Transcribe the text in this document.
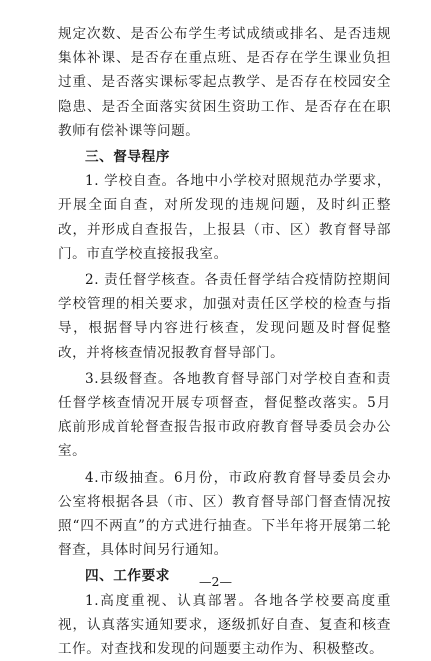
规定次数、是否公布学生考试成绩或排名、是否违规集体补课、是否存在重点班、是否存在学生课业负担过重、是否落实课标零起点教学、是否存在校园安全隐患、是否全面落实贫困生资助工作、是否存在在职教师有偿补课等问题。

三、督导程序

1. 学校自查。各地中小学校对照规范办学要求，开展全面自查，对所发现的违规问题，及时纠正整改，并形成自查报告，上报县（市、区）教育督导部门。市直学校直接报我室。

2. 责任督学核查。各责任督学结合疫情防控期间学校管理的相关要求，加强对责任区学校的检查与指导，根据督导内容进行核查，发现问题及时督促整改，并将核查情况报教育督导部门。

3.县级督查。各地教育督导部门对学校自查和责任督学核查情况开展专项督查，督促整改落实。5月底前形成首轮督查报告报市政府教育督导委员会办公室。

4.市级抽查。6月份，市政府教育督导委员会办公室将根据各县（市、区）教育督导部门督查情况按照“四不两直”的方式进行抽查。下半年将开展第二轮督查，具体时间另行通知。

四、工作要求

1.高度重视、认真部署。各地各学校要高度重视，认真落实通知要求，逐级抓好自查、复查和核查工作。对查找和发现的问题要主动作为、积极整改。

—2—
